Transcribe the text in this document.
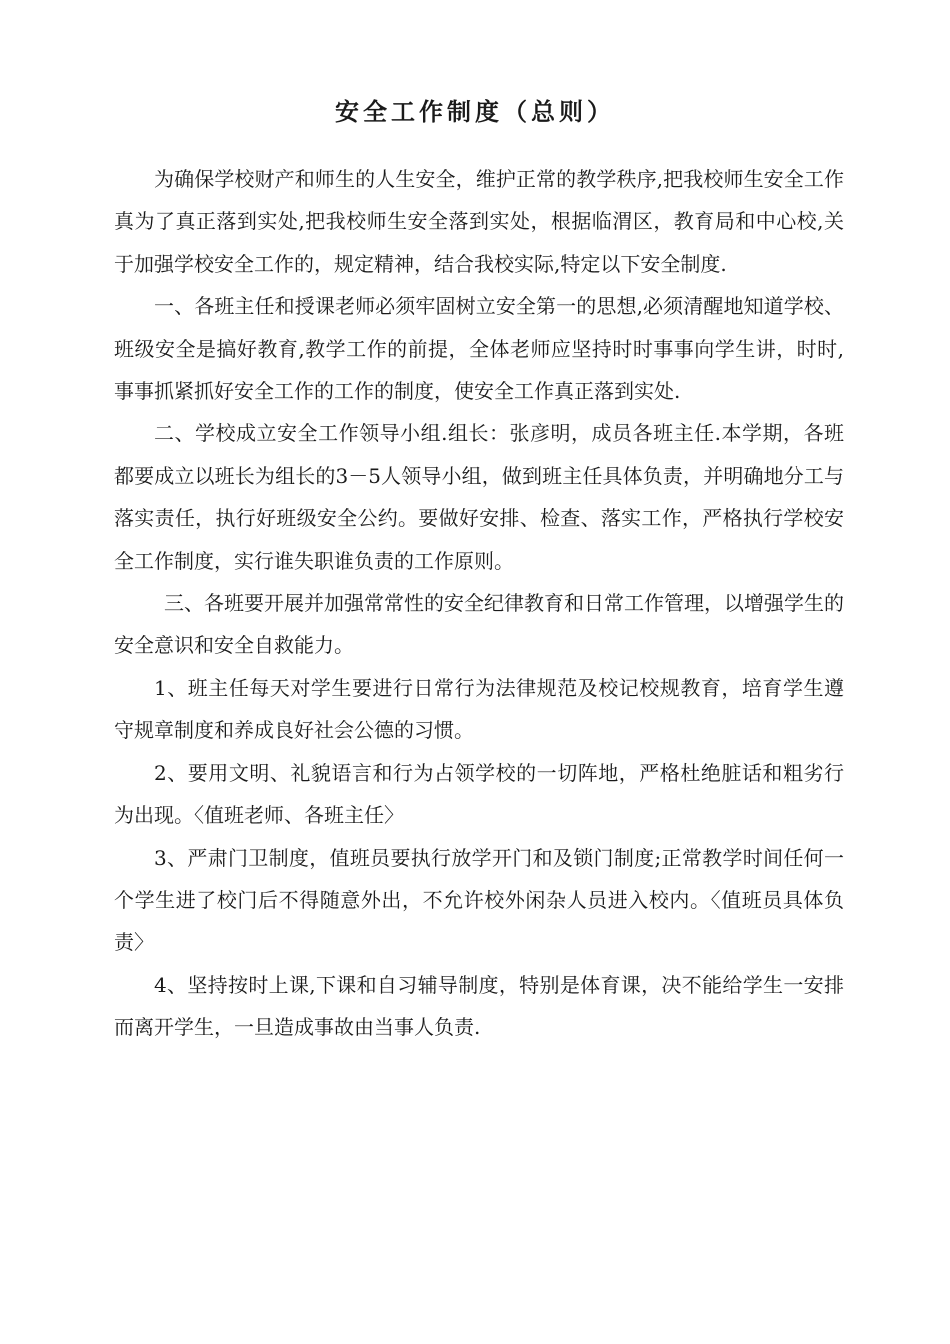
安全工作制度（总则）

为确保学校财产和师生的人生安全，维护正常的教学秩序,把我校师生安全工作真为了真正落到实处,把我校师生安全落到实处，根据临渭区，教育局和中心校,关于加强学校安全工作的，规定精神，结合我校实际,特定以下安全制度.

一、各班主任和授课老师必须牢固树立安全第一的思想,必须清醒地知道学校、班级安全是搞好教育,教学工作的前提，全体老师应坚持时时事事向学生讲，时时,事事抓紧抓好安全工作的工作的制度，使安全工作真正落到实处.

二、学校成立安全工作领导小组.组长：张彦明，成员各班主任.本学期，各班都要成立以班长为组长的3－5人领导小组，做到班主任具体负责，并明确地分工与落实责任，执行好班级安全公约。要做好安排、检查、落实工作，严格执行学校安全工作制度，实行谁失职谁负责的工作原则。

三、各班要开展并加强常常性的安全纪律教育和日常工作管理，以增强学生的安全意识和安全自救能力。

1、班主任每天对学生要进行日常行为法律规范及校记校规教育，培育学生遵守规章制度和养成良好社会公德的习惯。

2、要用文明、礼貌语言和行为占领学校的一切阵地，严格杜绝脏话和粗劣行为出现。〈值班老师、各班主任〉

3、严肃门卫制度，值班员要执行放学开门和及锁门制度;正常教学时间任何一个学生进了校门后不得随意外出，不允许校外闲杂人员进入校内。〈值班员具体负责〉

4、坚持按时上课,下课和自习辅导制度，特别是体育课，决不能给学生一安排而离开学生，一旦造成事故由当事人负责.
